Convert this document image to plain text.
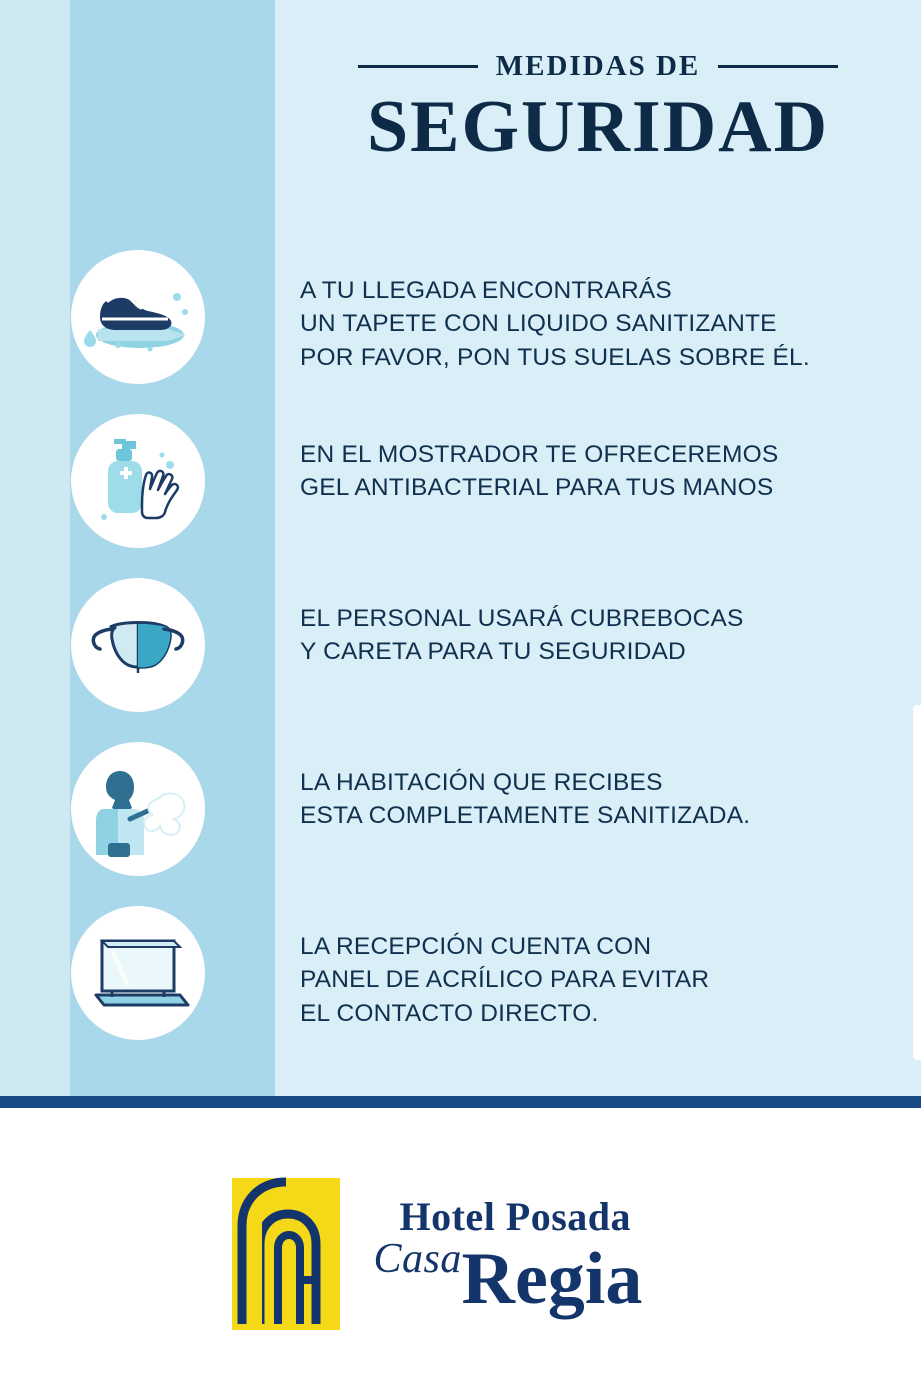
MEDIDAS DE
SEGURIDAD
A TU LLEGADA ENCONTRARÁS
UN TAPETE CON LIQUIDO SANITIZANTE
POR FAVOR, PON TUS SUELAS SOBRE ÉL.
EN EL MOSTRADOR TE OFRECEREMOS
GEL ANTIBACTERIAL PARA TUS MANOS
EL PERSONAL USARÁ CUBREBOCAS
Y CARETA PARA TU SEGURIDAD
LA HABITACIÓN QUE RECIBES
ESTA COMPLETAMENTE SANITIZADA.
LA RECEPCIÓN CUENTA CON
PANEL DE ACRÍLICO PARA EVITAR
EL CONTACTO DIRECTO.
Hotel Posada
Casa Regia
